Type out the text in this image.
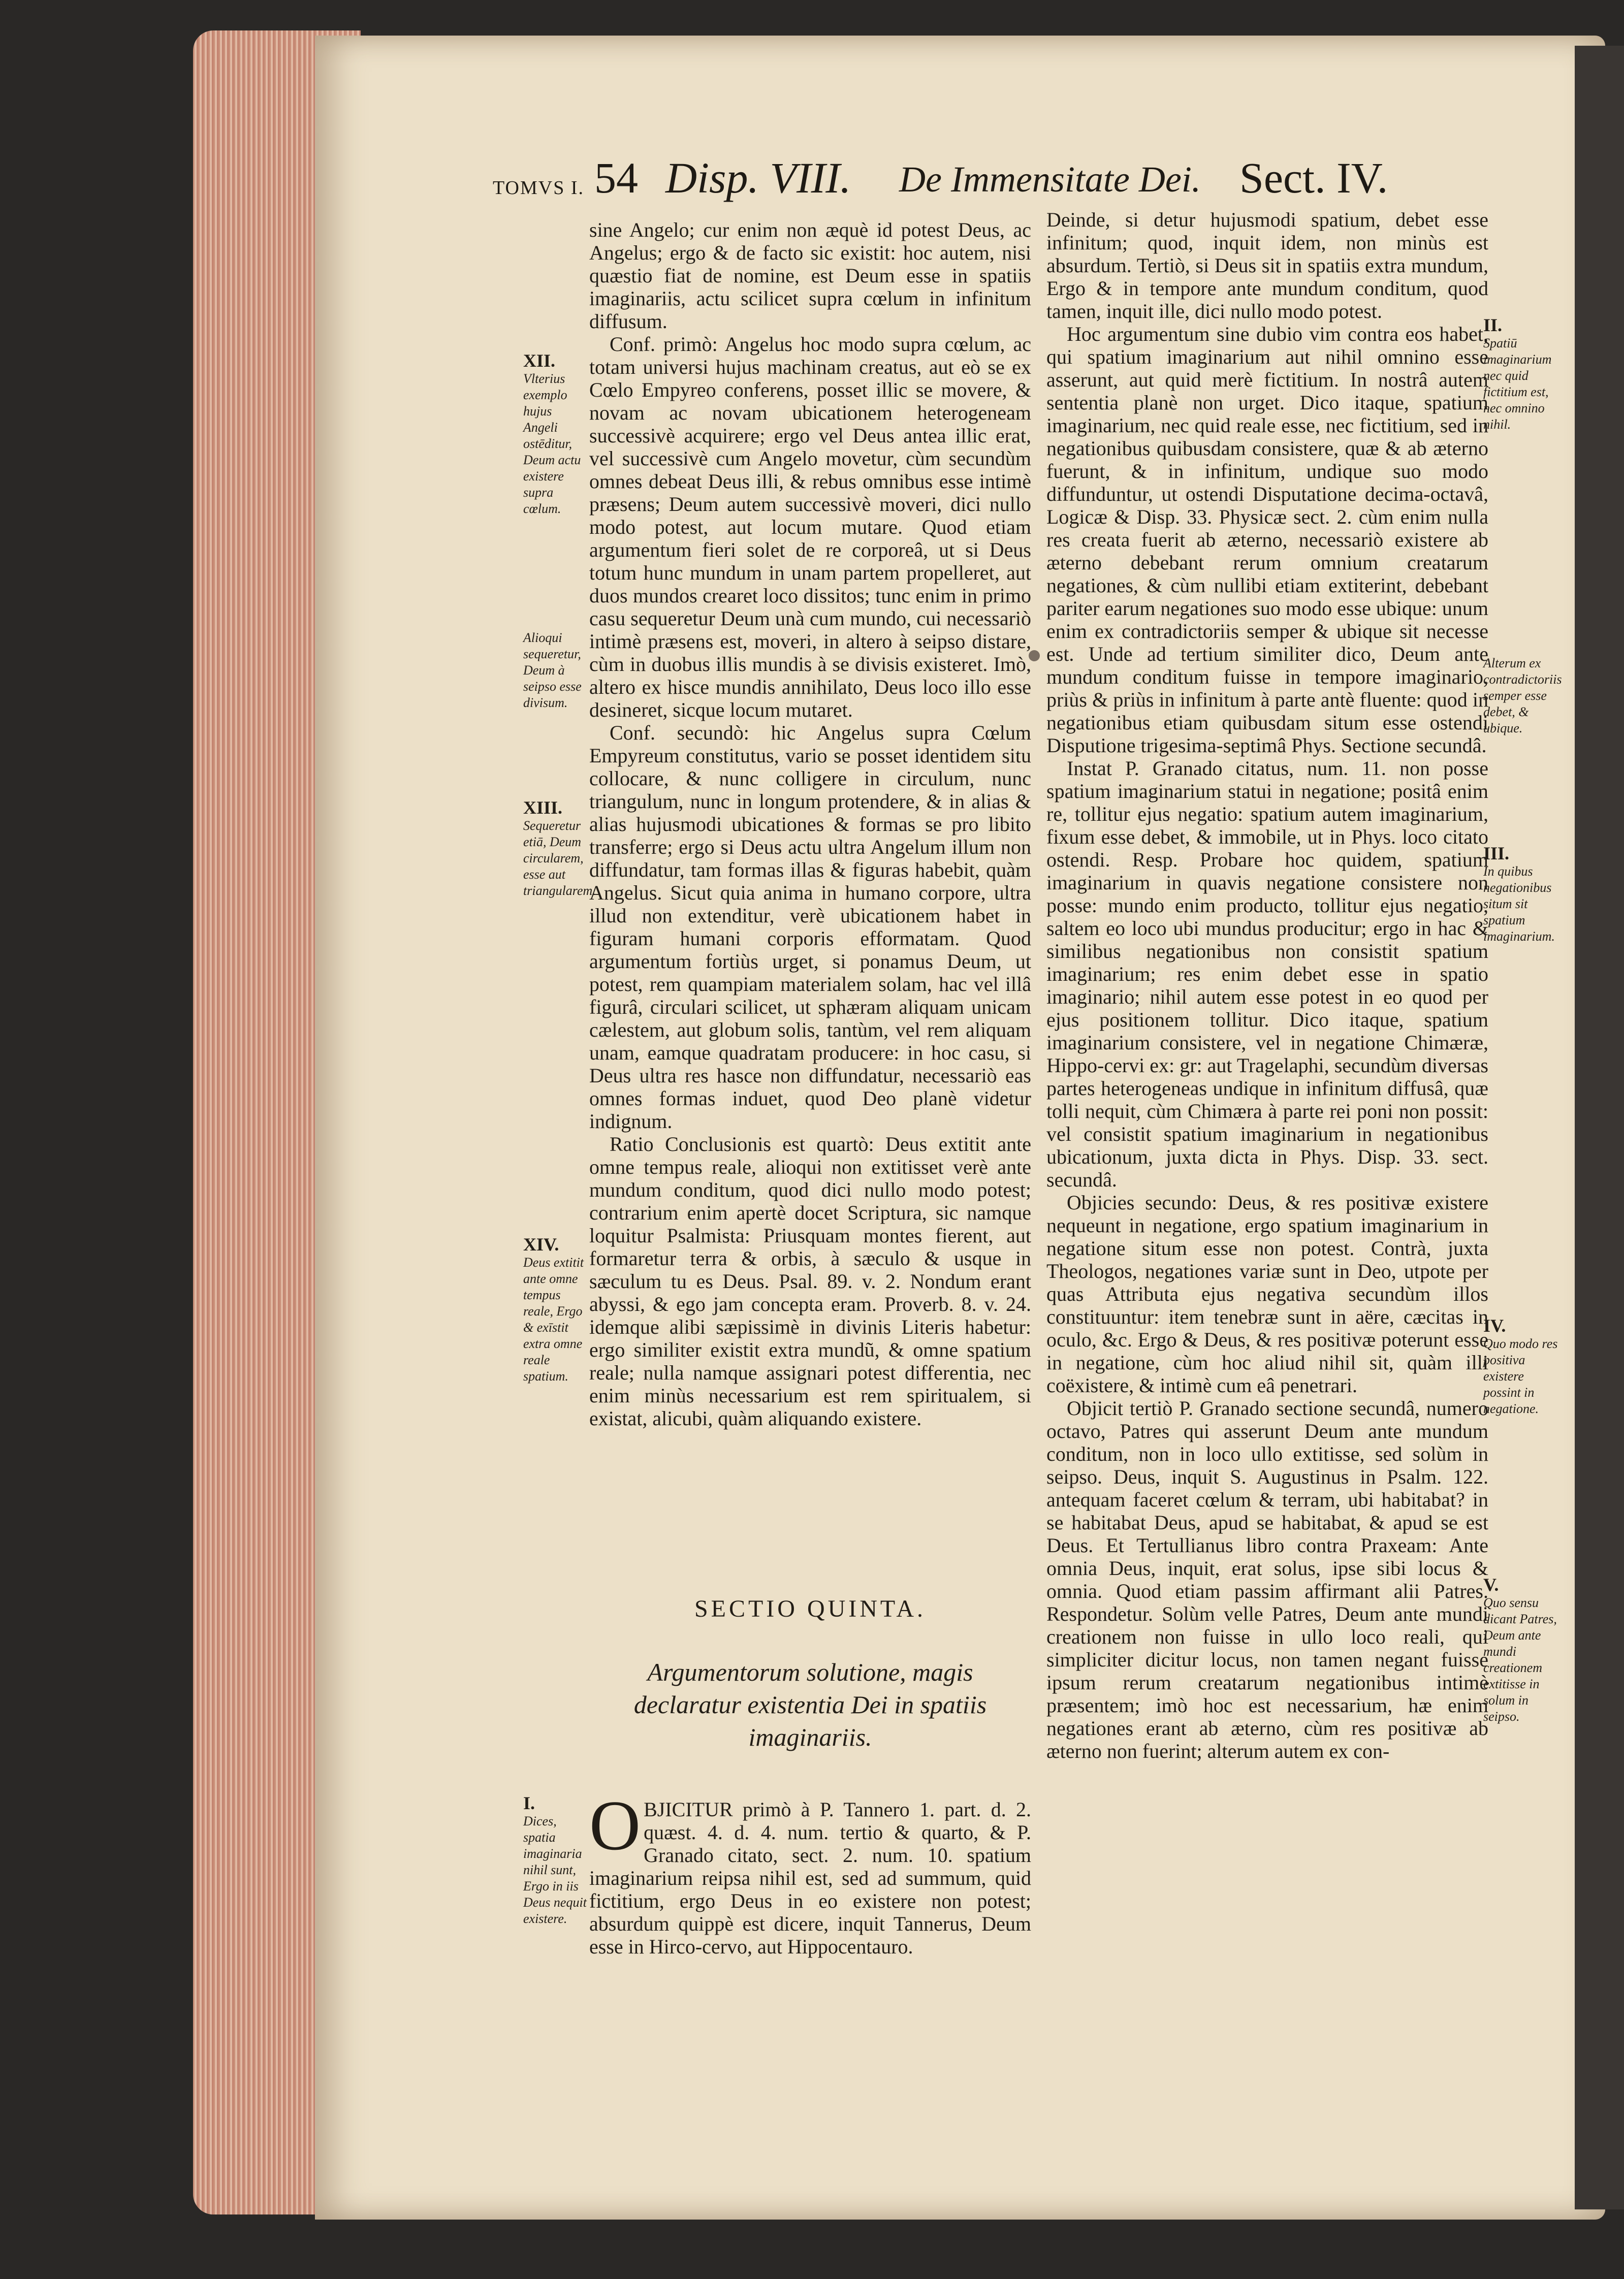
TOMVS I. 54 Disp. VIII. De Immensitate Dei. Sect. IV.

sine Angelo; cur enim non æquè id potest Deus, ac Angelus; ergo & de facto sic existit: hoc autem, nisi quæstio fiat de nomine, est Deum esse in spatiis imaginariis, actu scilicet supra cœlum in infinitum diffusum.

Conf. primò: Angelus hoc modo supra cœlum, ac totam universi hujus machinam creatus, aut eò se ex Cœlo Empyreo conferens, posset illic se movere, & novam ac novam ubicationem heterogeneam successivè acquirere; ergo vel Deus antea illic erat, vel successivè cum Angelo movetur, cùm secundùm omnes debeat Deus illi, & rebus omnibus esse intimè præsens; Deum autem successivè moveri, dici nullo modo potest, aut locum mutare. Quod etiam argumentum fieri solet de re corporeâ, ut si Deus totum hunc mundum in unam partem propelleret, aut duos mundos crearet loco dissitos; tunc enim in primo casu sequeretur Deum unà cum mundo, cui necessariò intimè præsens est, moveri, in altero à seipso distare, cùm in duobus illis mundis à se divisis existeret. Imò, altero ex hisce mundis annihilato, Deus loco illo esse desineret, sicque locum mutaret.

Conf. secundò: hic Angelus supra Cœlum Empyreum constitutus, vario se posset identidem situ collocare, & nunc colligere in circulum, nunc triangulum, nunc in longum protendere, & in alias & alias hujusmodi ubicationes & formas se pro libito transferre; ergo si Deus actu ultra Angelum illum non diffundatur, tam formas illas & figuras habebit, quàm Angelus. Sicut quia anima in humano corpore, ultra illud non extenditur, verè ubicationem habet in figuram humani corporis efformatam. Quod argumentum fortiùs urget, si ponamus Deum, ut potest, rem quampiam materialem solam, hac vel illâ figurâ, circulari scilicet, ut sphæram aliquam unicam cælestem, aut globum solis, tantùm, vel rem aliquam unam, eamque quadratam producere: in hoc casu, si Deus ultra res hasce non diffundatur, necessariò eas omnes formas induet, quod Deo planè videtur indignum.

Ratio Conclusionis est quartò: Deus extitit ante omne tempus reale, alioqui non extitisset verè ante mundum conditum, quod dici nullo modo potest; contrarium enim apertè docet Scriptura, sic namque loquitur Psalmista: Priusquam montes fierent, aut formaretur terra & orbis, à sæculo & usque in sæculum tu es Deus. Psal. 89. v. 2. Nondum erant abyssi, & ego jam concepta eram. Proverb. 8. v. 24. idemque alibi sæpissimè in divinis Literis habetur: ergo similiter existit extra mundũ, & omne spatium reale; nulla namque assignari potest differentia, nec enim minùs necessarium est rem spiritualem, si existat, alicubi, quàm aliquando existere.

SECTIO QUINTA.
Argumentorum solutione, magis declaratur existentia Dei in spatiis imaginariis.

O BJICITUR primò à P. Tannero 1. part. d. 2. quæst. 4. d. 4. num. tertio & quarto, & P. Granado citato, sect. 2. num. 10. spatium imaginarium reipsa nihil est, sed ad summum, quid fictitium, ergo Deus in eo existere non potest; absurdum quippè est dicere, inquit Tannerus, Deum esse in Hirco-cervo, aut Hippocentauro.

Deinde, si detur hujusmodi spatium, debet esse infinitum; quod, inquit idem, non minùs est absurdum. Tertiò, si Deus sit in spatiis extra mundum, Ergo & in tempore ante mundum conditum, quod tamen, inquit ille, dici nullo modo potest.

Hoc argumentum sine dubio vim contra eos habet, qui spatium imaginarium aut nihil omnino esse asserunt, aut quid merè fictitium. In nostrâ autem sententia planè non urget. Dico itaque, spatium imaginarium, nec quid reale esse, nec fictitium, sed in negationibus quibusdam consistere, quæ & ab æterno fuerunt, & in infinitum, undique suo modo diffunduntur, ut ostendi Disputatione decima-octavâ, Logicæ & Disp. 33. Physicæ sect. 2. cùm enim nulla res creata fuerit ab æterno, necessariò existere ab æterno debebant rerum omnium creatarum negationes, & cùm nullibi etiam extiterint, debebant pariter earum negationes suo modo esse ubique: unum enim ex contradictoriis semper & ubique sit necesse est. Unde ad tertium similiter dico, Deum ante mundum conditum fuisse in tempore imaginario, priùs & priùs in infinitum à parte antè fluente: quod in negationibus etiam quibusdam situm esse ostendi Disputione trigesima-septimâ Phys. Sectione secundâ.

Instat P. Granado citatus, num. 11. non posse spatium imaginarium statui in negatione; positâ enim re, tollitur ejus negatio: spatium autem imaginarium, fixum esse debet, & immobile, ut in Phys. loco citato ostendi. Resp. Probare hoc quidem, spatium imaginarium in quavis negatione consistere non posse: mundo enim producto, tollitur ejus negatio, saltem eo loco ubi mundus producitur; ergo in hac & similibus negationibus non consistit spatium imaginarium; res enim debet esse in spatio imaginario; nihil autem esse potest in eo quod per ejus positionem tollitur. Dico itaque, spatium imaginarium consistere, vel in negatione Chimæræ, Hippo-cervi ex: gr: aut Tragelaphi, secundùm diversas partes heterogeneas undique in infinitum diffusâ, quæ tolli nequit, cùm Chimæra à parte rei poni non possit: vel consistit spatium imaginarium in negationibus ubicationum, juxta dicta in Phys. Disp. 33. sect. secundâ.

Objicies secundo: Deus, & res positivæ existere nequeunt in negatione, ergo spatium imaginarium in negatione situm esse non potest. Contrà, juxta Theologos, negationes variæ sunt in Deo, utpote per quas Attributa ejus negativa secundùm illos constituuntur: item tenebræ sunt in aëre, cæcitas in oculo, &c. Ergo & Deus, & res positivæ poterunt esse in negatione, cùm hoc aliud nihil sit, quàm illi coëxistere, & intimè cum eâ penetrari.

Objicit tertiò P. Granado sectione secundâ, numero octavo, Patres qui asserunt Deum ante mundum conditum, non in loco ullo extitisse, sed solùm in seipso. Deus, inquit S. Augustinus in Psalm. 122. antequam faceret cœlum & terram, ubi habitabat? in se habitabat Deus, apud se habitabat, & apud se est Deus. Et Tertullianus libro contra Praxeam: Ante omnia Deus, inquit, erat solus, ipse sibi locus & omnia. Quod etiam passim affirmant alii Patres. Respondetur. Solùm velle Patres, Deum ante mundi creationem non fuisse in ullo loco reali, qui simpliciter dicitur locus, non tamen negant fuisse ipsum rerum creatarum negationibus intimè præsentem; imò hoc est necessarium, hæ enim negationes erant ab æterno, cùm res positivæ ab æterno non fuerint; alterum autem ex con-

XII.
Vlterius exemplo hujus Angeli ostēditur, Deum actu existere supra cœlum.
Alioqui sequeretur, Deum à seipso esse divisum.
XIII.
Sequeretur etiā, Deum circularem, esse aut triangularem.
XIV.
Deus extitit ante omne tempus reale, Ergo & exīstit extra omne reale spatium.
I.
Dices, spatia imaginaria nihil sunt, Ergo in iis Deus nequit existere.
II.
Spatiū imaginarium nec quid fictitium est, nec omnino nihil.
Alterum ex contradictoriis semper esse debet, & ubique.
III.
In quibus negationibus situm sit spatium imaginarium.
IV.
Quo modo res positiva existere possint in negatione.
V.
Quo sensu dicant Patres, Deum ante mundi creationem extitisse in solum in seipso.
